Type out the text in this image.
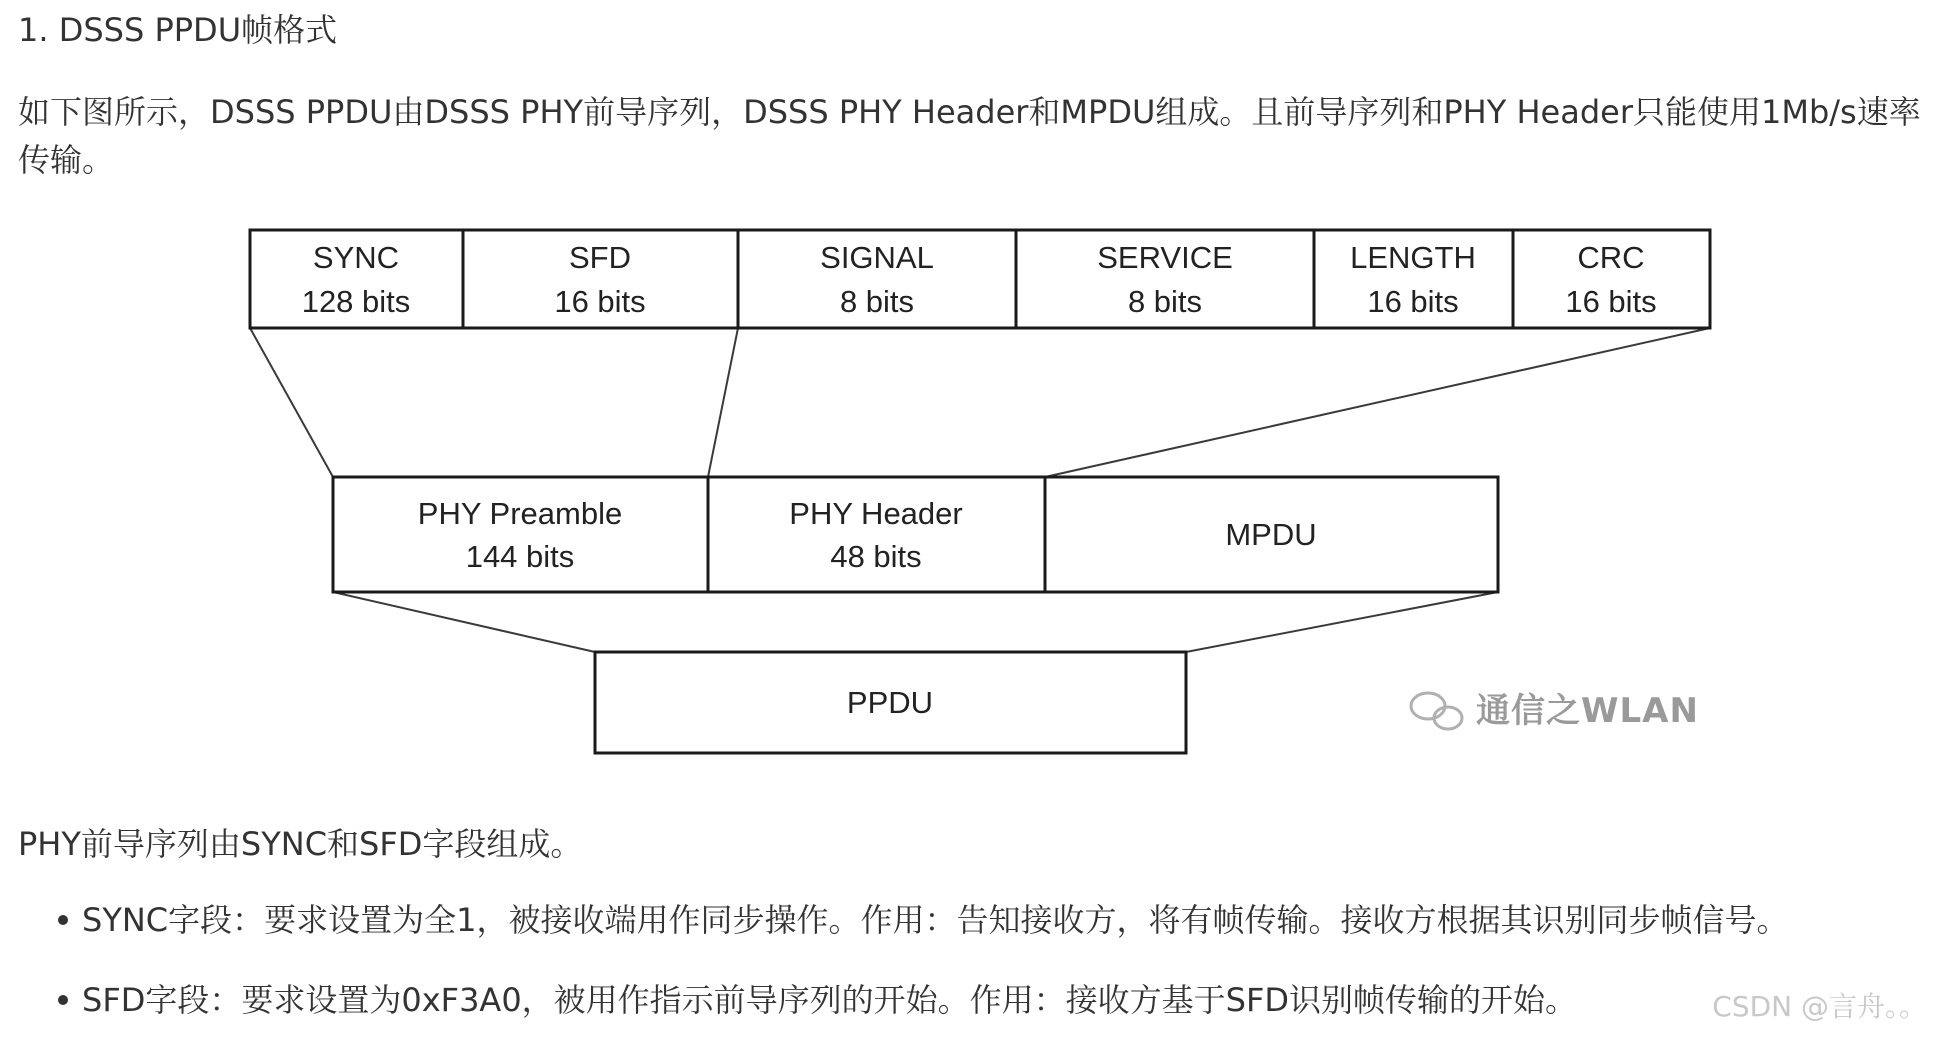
1. DSSS PPDU帧格式
如下图所示，DSSS PPDU由DSSS PHY前导序列，DSSS PHY Header和MPDU组成。且前导序列和PHY Header只能使用1Mb/s速率传输。
SYNC
128 bits
SFD
16 bits
SIGNAL
8 bits
SERVICE
8 bits
LENGTH
16 bits
CRC
16 bits
PHY Preamble
144 bits
PHY Header
48 bits
MPDU
PPDU	通信之WLAN
PHY前导序列由SYNC和SFD字段组成。
SYNC字段：要求设置为全1，被接收端用作同步操作。作用：告知接收方，将有帧传输。接收方根据其识别同步帧信号。
SFD字段：要求设置为0xF3A0，被用作指示前导序列的开始。作用：接收方基于SFD识别帧传输的开始。	CSDN @言舟。。
